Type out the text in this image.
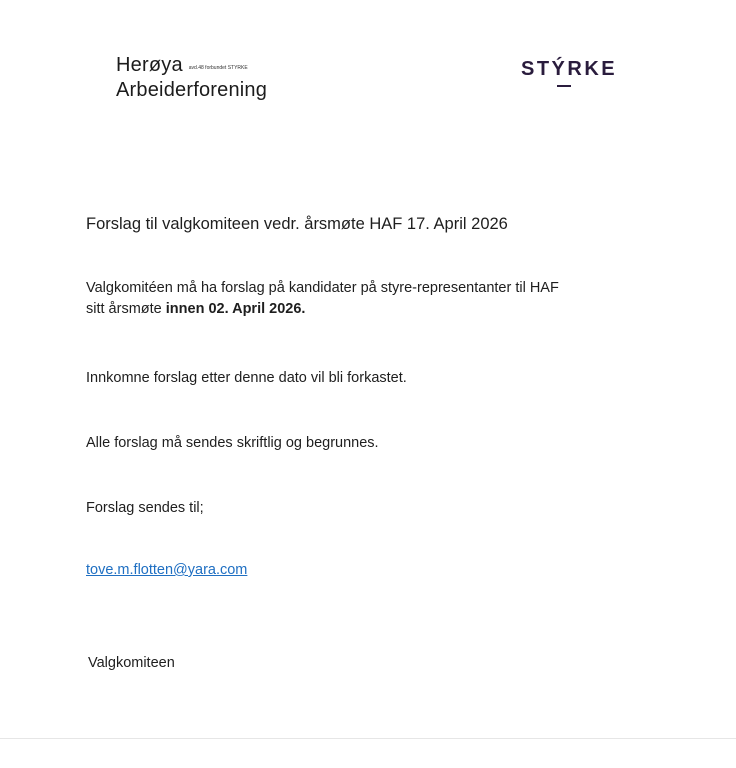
Herøya avd.48 forbundet STYRKE
Arbeiderforening
STÝRKE
Forslag til valgkomiteen vedr. årsmøte HAF 17. April 2026
Valgkomitéen må ha forslag på kandidater på styre-representanter til HAF
sitt årsmøte innen 02. April 2026.
Innkomne forslag etter denne dato vil bli forkastet.
Alle forslag må sendes skriftlig og begrunnes.
Forslag sendes til;
tove.m.flotten@yara.com
Valgkomiteen
